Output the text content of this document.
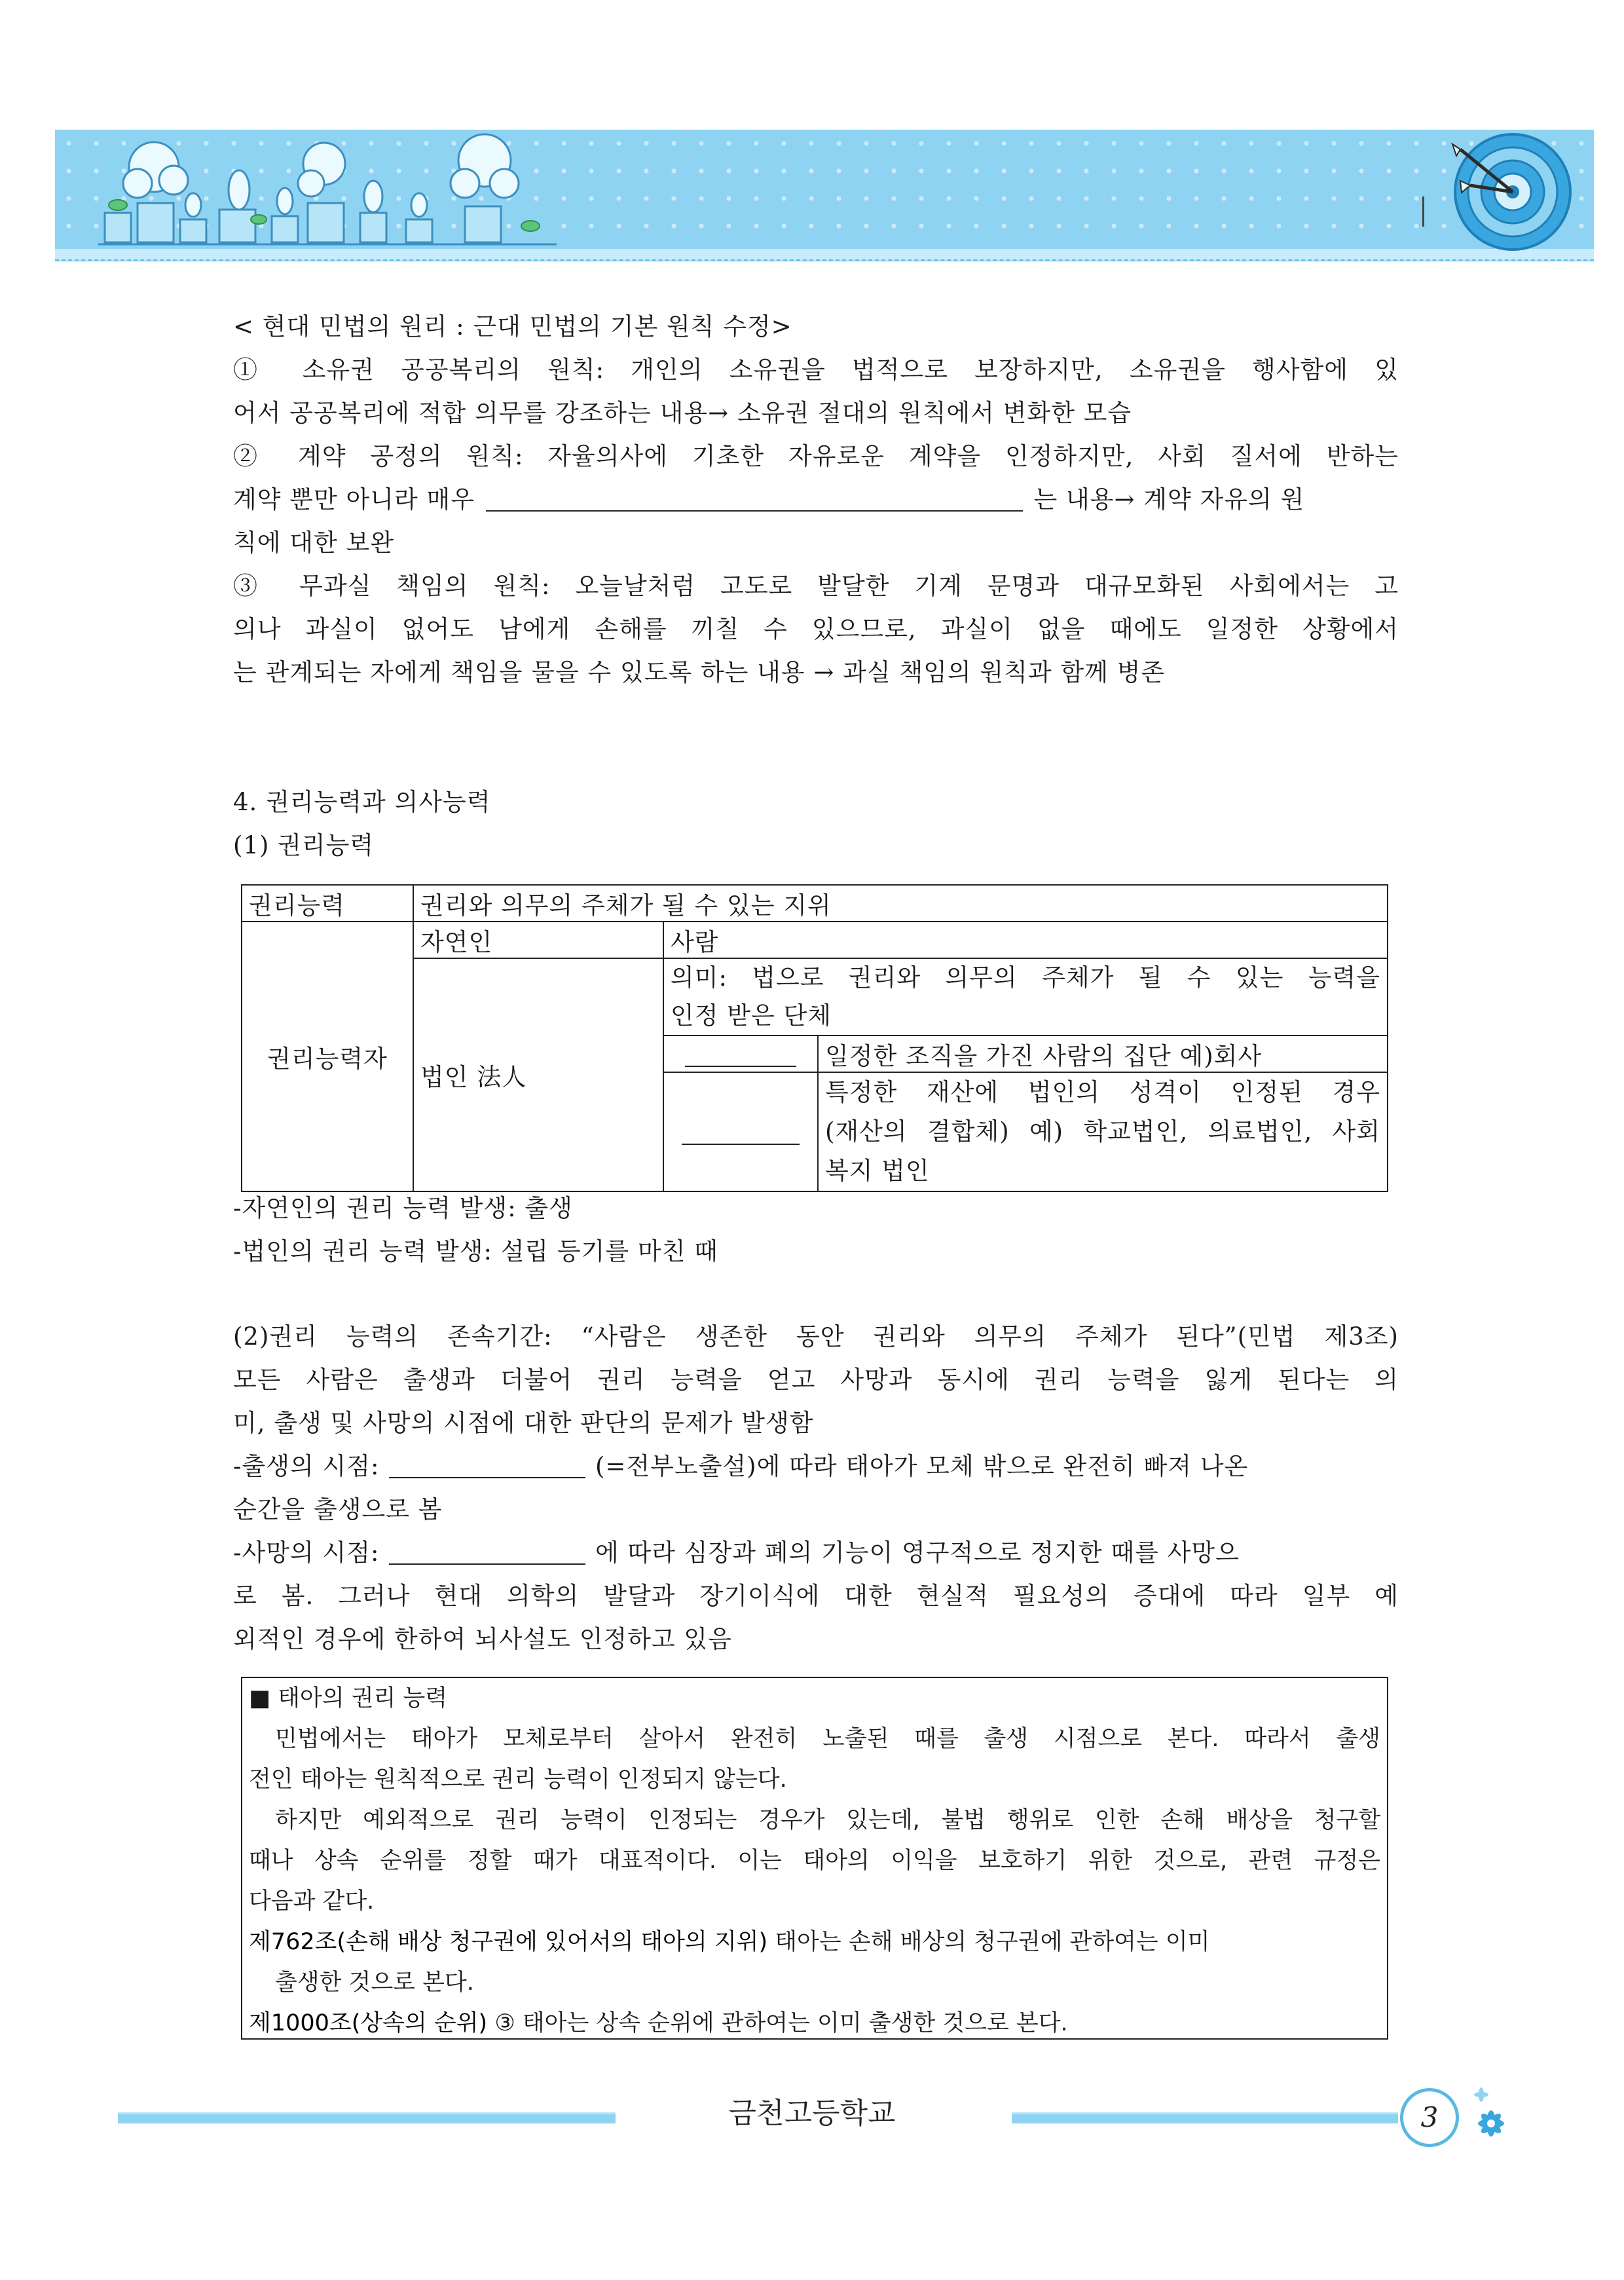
< 현대 민법의 원리 : 근대 민법의 기본 원칙 수정>
① 소유권 공공복리의 원칙: 개인의 소유권을 법적으로 보장하지만, 소유권을 행사함에 있
어서 공공복리에 적합 의무를 강조하는 내용→ 소유권 절대의 원칙에서 변화한 모습
② 계약 공정의 원칙: 자율의사에 기초한 자유로운 계약을 인정하지만, 사회 질서에 반하는
계약 뿐만 아니라 매우	는 내용→ 계약 자유의 원
칙에 대한 보완
③ 무과실 책임의 원칙: 오늘날처럼 고도로 발달한 기계 문명과 대규모화된 사회에서는 고
의나 과실이 없어도 남에게 손해를 끼칠 수 있으므로, 과실이 없을 때에도 일정한 상황에서
는 관계되는 자에게 책임을 물을 수 있도록 하는 내용 → 과실 책임의 원칙과 함께 병존
4. 권리능력과 의사능력
(1) 권리능력
권리능력	권리와 의무의 주체가 될 수 있는 지위		
권리능력자	자연인	사람	
	법인 法人	의미: 법으로 권리와 의무의 주체가 될 수 있는 능력을
인정 받은 단체	

			일정한 조직을 가진 사람의 집단 예)회사

			특정한 재산에 법인의 성격이 인정된 경우
(재산의 결합체) 예) 학교법인, 의료법인, 사회
복지 법인
-자연인의 권리 능력 발생: 출생
-법인의 권리 능력 발생: 설립 등기를 마친 때
(2)권리 능력의 존속기간: “사람은 생존한 동안 권리와 의무의 주체가 된다”(민법 제3조)
모든 사람은 출생과 더불어 권리 능력을 얻고 사망과 동시에 권리 능력을 잃게 된다는 의
미, 출생 및 사망의 시점에 대한 판단의 문제가 발생함
-출생의 시점:	(=전부노출설)에 따라 태아가 모체 밖으로 완전히 빠져 나온
순간을 출생으로 봄
-사망의 시점:	에 따라 심장과 폐의 기능이 영구적으로 정지한 때를 사망으
로 봄. 그러나 현대 의학의 발달과 장기이식에 대한 현실적 필요성의 증대에 따라 일부 예
외적인 경우에 한하여 뇌사설도 인정하고 있음
■ 태아의 권리 능력
민법에서는 태아가 모체로부터 살아서 완전히 노출된 때를 출생 시점으로 본다. 따라서 출생
전인 태아는 원칙적으로 권리 능력이 인정되지 않는다.
하지만 예외적으로 권리 능력이 인정되는 경우가 있는데, 불법 행위로 인한 손해 배상을 청구할
때나 상속 순위를 정할 때가 대표적이다. 이는 태아의 이익을 보호하기 위한 것으로, 관련 규정은
다음과 같다.
제762조(손해 배상 청구권에 있어서의 태아의 지위) 태아는 손해 배상의 청구권에 관하여는 이미
출생한 것으로 본다.
제1000조(상속의 순위) ③ 태아는 상속 순위에 관하여는 이미 출생한 것으로 본다.
금천고등학교	3
